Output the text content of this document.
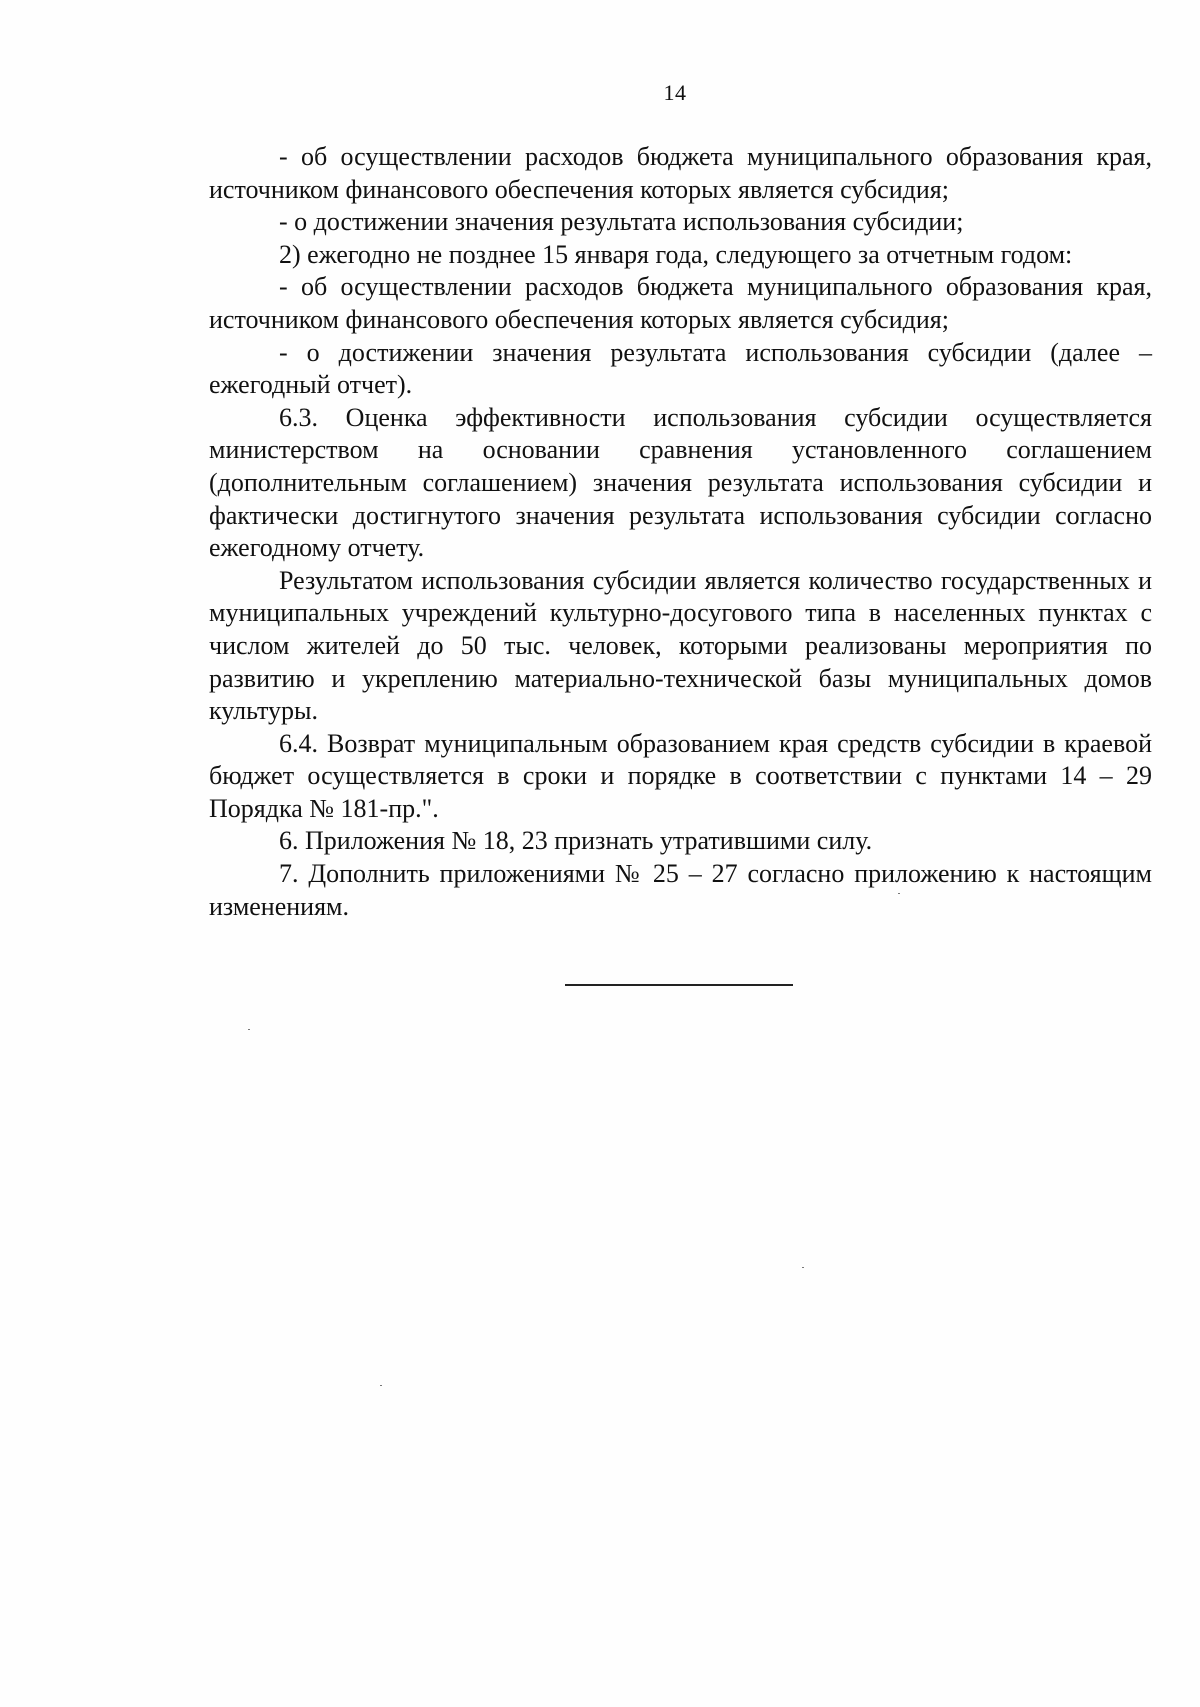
14

- об осуществлении расходов бюджета муниципального образования края, источником финансового обеспечения которых является субсидия;

- о достижении значения результата использования субсидии;

2) ежегодно не позднее 15 января года, следующего за отчетным годом:

- об осуществлении расходов бюджета муниципального образования края, источником финансового обеспечения которых является субсидия;

- о достижении значения результата использования субсидии (далее – ежегодный отчет).

6.3. Оценка эффективности использования субсидии осуществляется министерством на основании сравнения установленного соглашением (дополнительным соглашением) значения результата использования субсидии и фактически достигнутого значения результата использования субсидии согласно ежегодному отчету.

Результатом использования субсидии является количество государственных и муниципальных учреждений культурно-досугового типа в населенных пунктах с числом жителей до 50 тыс. человек, которыми реализованы мероприятия по развитию и укреплению материально-технической базы муниципальных домов культуры.

6.4. Возврат муниципальным образованием края средств субсидии в краевой бюджет осуществляется в сроки и порядке в соответствии с пунктами 14 – 29 Порядка № 181-пр.".

6. Приложения № 18, 23 признать утратившими силу.

7. Дополнить приложениями № 25 – 27 согласно приложению к настоящим изменениям.
